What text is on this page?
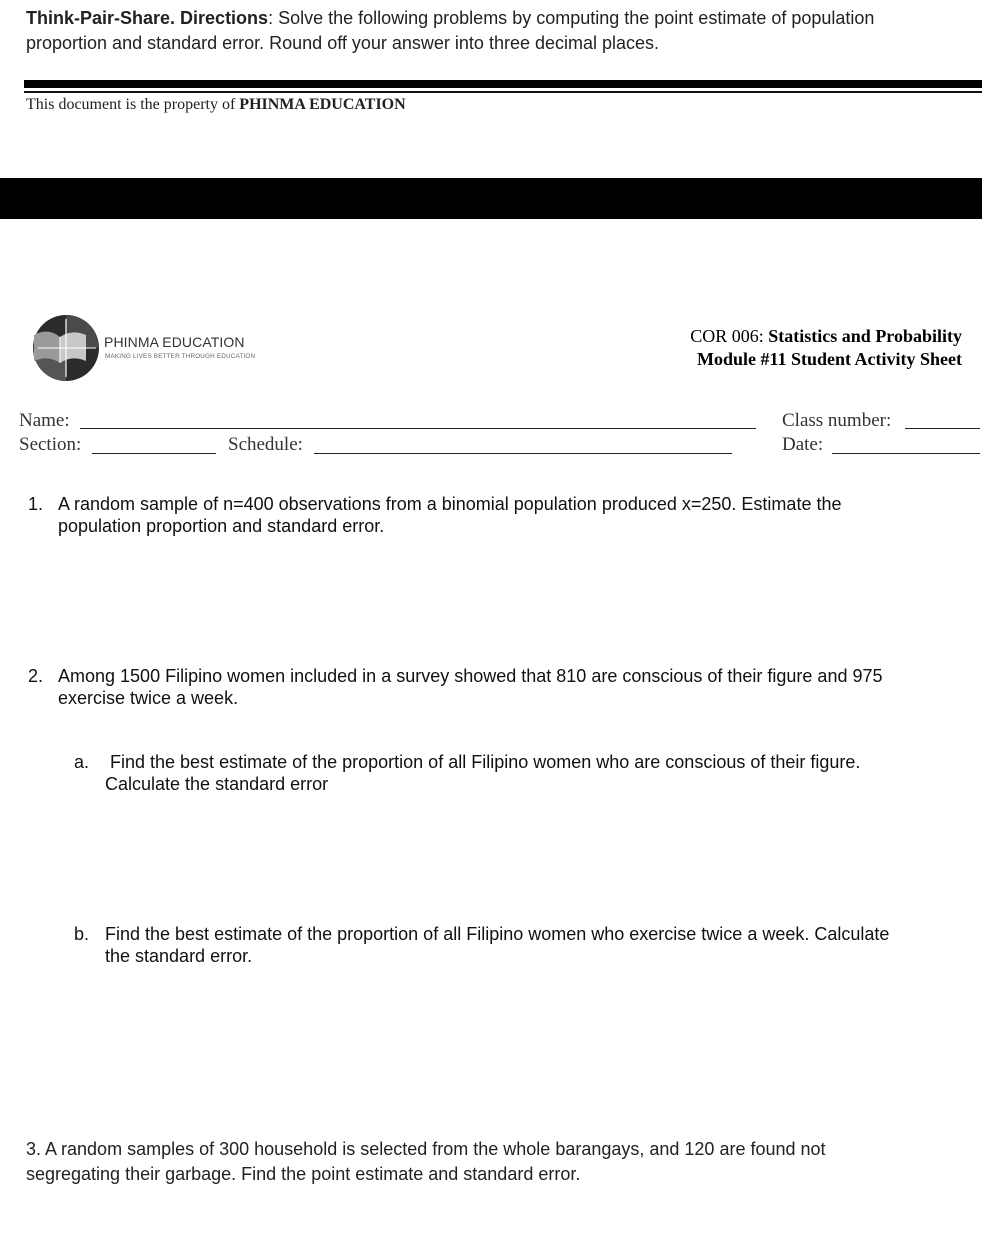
Think-Pair-Share. Directions: Solve the following problems by computing the point estimate of population proportion and standard error. Round off your answer into three decimal places.
This document is the property of PHINMA EDUCATION
PHINMA EDUCATION
MAKING LIVES BETTER THROUGH EDUCATION
COR 006: Statistics and Probability
Module #11 Student Activity Sheet
Name:	Class number:
Section:	Schedule:	Date:
1. A random sample of n=400 observations from a binomial population produced x=250. Estimate the
population proportion and standard error.
2. Among 1500 Filipino women included in a survey showed that 810 are conscious of their figure and 975
exercise twice a week.
a. Find the best estimate of the proportion of all Filipino women who are conscious of their figure.
Calculate the standard error
b. Find the best estimate of the proportion of all Filipino women who exercise twice a week. Calculate
the standard error.
3. A random samples of 300 household is selected from the whole barangays, and 120 are found not
segregating their garbage. Find the point estimate and standard error.
